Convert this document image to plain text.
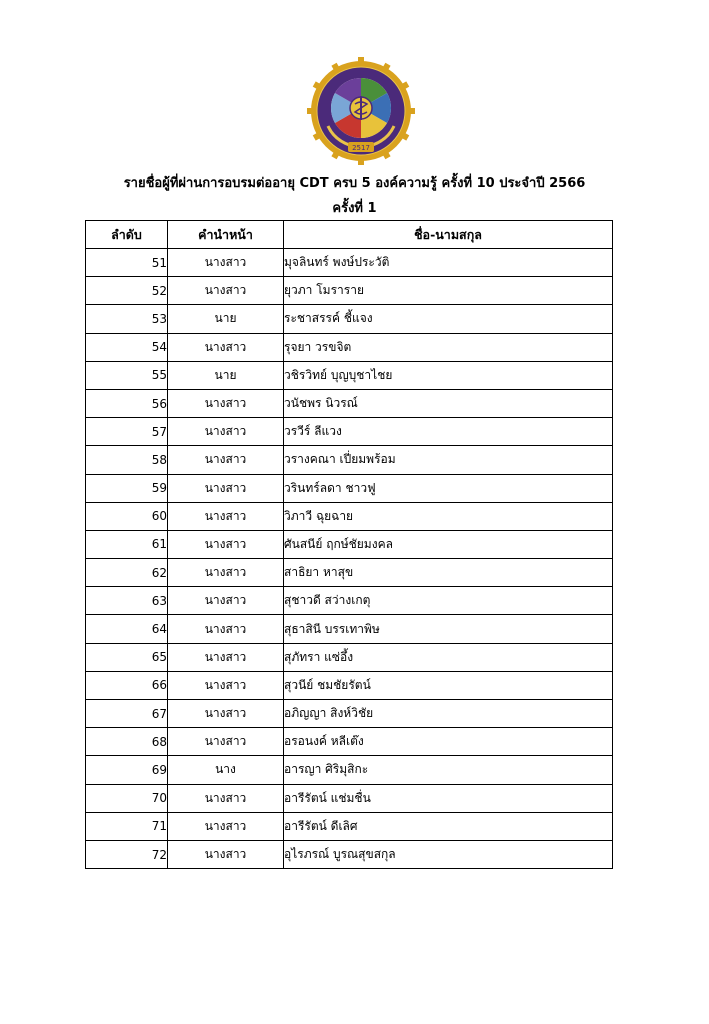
2517
รายชื่อผู้ที่ผ่านการอบรมต่ออายุ CDT ครบ 5 องค์ความรู้ ครั้งที่ 10 ประจำปี 2566
ครั้งที่ 1
ลำดับ	คำนำหน้า	ชื่อ-นามสกุล
51	นางสาว	มุจลินทร์ พงษ์ประวัติ
52	นางสาว	ยุวภา โมราราย
53	นาย	ระชาสรรค์ ชี้แจง
54	นางสาว	รุจยา วรขจิต
55	นาย	วชิรวิทย์ บุญบุชาไชย
56	นางสาว	วนัชพร นิวรณ์
57	นางสาว	วรวีร์ ลีแวง
58	นางสาว	วรางคณา เปี่ยมพร้อม
59	นางสาว	วรินทร์ลดา ชาวฟู
60	นางสาว	วิภาวี ฉุยฉาย
61	นางสาว	ศันสนีย์ ฤกษ์ชัยมงคล
62	นางสาว	สาธิยา หาสุข
63	นางสาว	สุชาวดี สว่างเกตุ
64	นางสาว	สุธาสินี บรรเทาพิษ
65	นางสาว	สุภัทรา แซ่อึ้ง
66	นางสาว	สุวนีย์ ชมชัยรัตน์
67	นางสาว	อภิญญา สิงห์วิชัย
68	นางสาว	อรอนงค์ หลีเต๊ง
69	นาง	อารญา ศิริมุสิกะ
70	นางสาว	อารีรัตน์ แช่มชื่น
71	นางสาว	อารีรัตน์ ดีเลิศ
72	นางสาว	อุไรภรณ์ บูรณสุขสกุล
